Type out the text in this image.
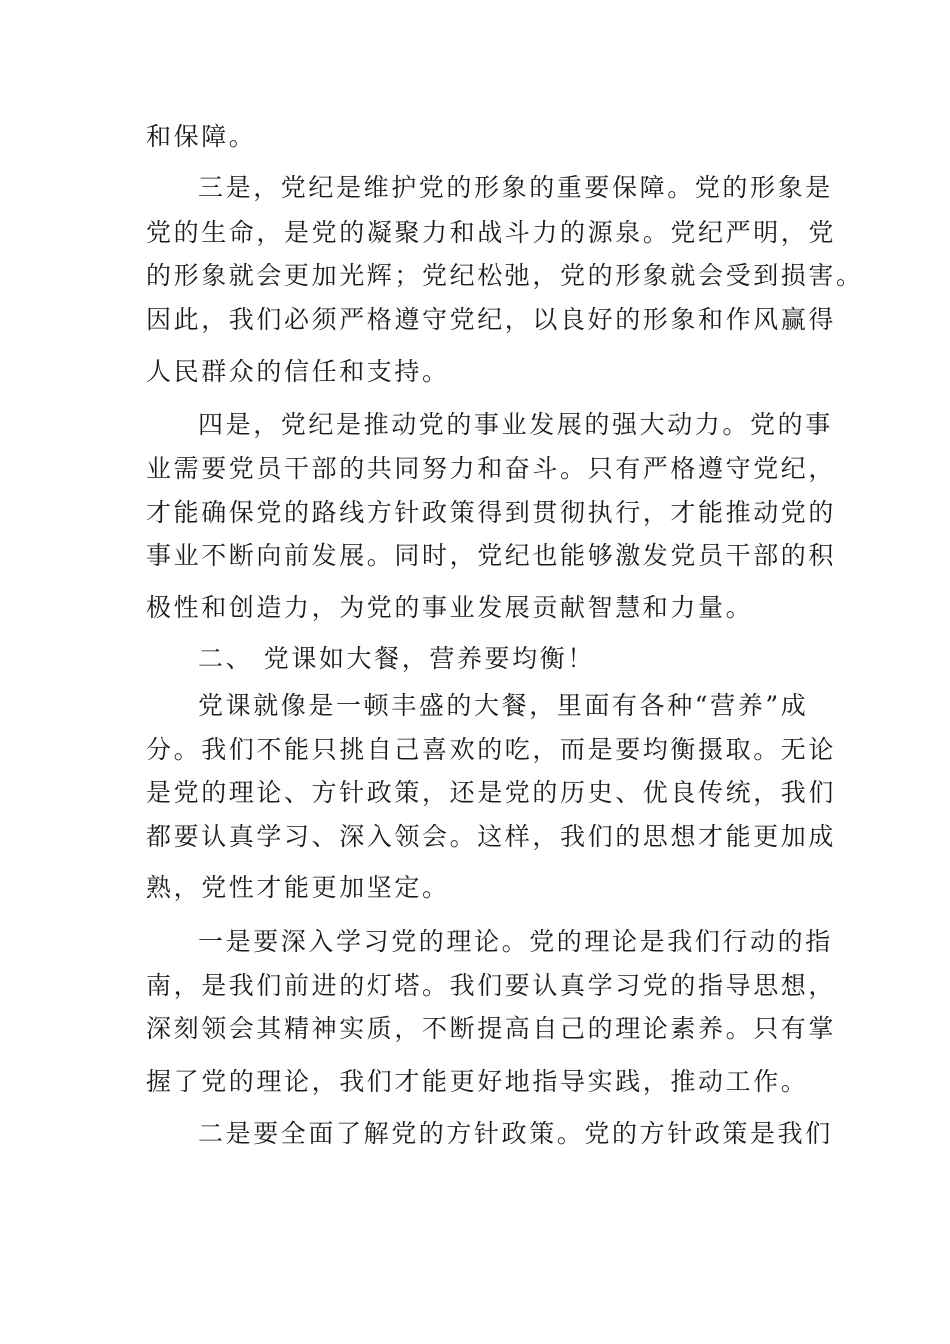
和保障。
三是，党纪是维护党的形象的重要保障。党的形象是
党的生命，是党的凝聚力和战斗力的源泉。党纪严明，党
的形象就会更加光辉；党纪松弛，党的形象就会受到损害。
因此，我们必须严格遵守党纪，以良好的形象和作风赢得
人民群众的信任和支持。
四是，党纪是推动党的事业发展的强大动力。党的事
业需要党员干部的共同努力和奋斗。只有严格遵守党纪，
才能确保党的路线方针政策得到贯彻执行，才能推动党的
事业不断向前发展。同时，党纪也能够激发党员干部的积
极性和创造力，为党的事业发展贡献智慧和力量。
二、 党课如大餐，营养要均衡！
党课就像是一顿丰盛的大餐，里面有各种“营养”成
分。我们不能只挑自己喜欢的吃，而是要均衡摄取。无论
是党的理论、方针政策，还是党的历史、优良传统，我们
都要认真学习、深入领会。这样，我们的思想才能更加成
熟，党性才能更加坚定。
一是要深入学习党的理论。党的理论是我们行动的指
南，是我们前进的灯塔。我们要认真学习党的指导思想，
深刻领会其精神实质，不断提高自己的理论素养。只有掌
握了党的理论，我们才能更好地指导实践，推动工作。
二是要全面了解党的方针政策。党的方针政策是我们
